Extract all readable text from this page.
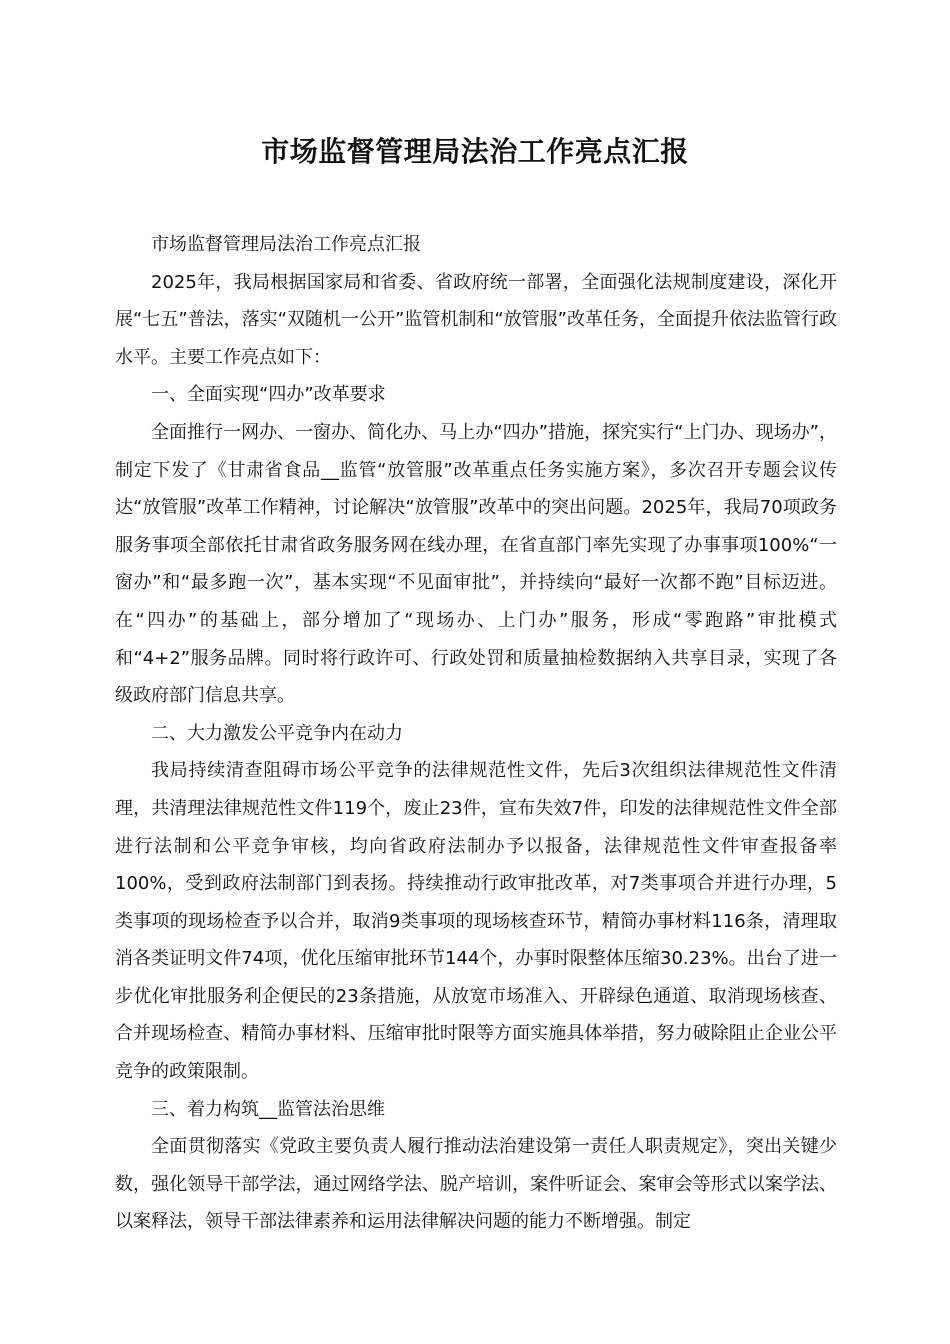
市场监督管理局法治工作亮点汇报

市场监督管理局法治工作亮点汇报

2025年，我局根据国家局和省委、省政府统一部署，全面强化法规制度建设，深化开展“七五”普法，落实“双随机一公开”监管机制和“放管服”改革任务，全面提升依法监管行政水平。主要工作亮点如下：

一、全面实现“四办”改革要求

全面推行一网办、一窗办、简化办、马上办“四办”措施，探究实行“上门办、现场办”，制定下发了《甘肃省食品__监管“放管服”改革重点任务实施方案》，多次召开专题会议传达“放管服”改革工作精神，讨论解决“放管服”改革中的突出问题。2025年，我局70项政务服务事项全部依托甘肃省政务服务网在线办理，在省直部门率先实现了办事事项100%“一窗办”和“最多跑一次”，基本实现“不见面审批”，并持续向“最好一次都不跑”目标迈进。在“四办”的基础上，部分增加了“现场办、上门办”服务，形成“零跑路”审批模式和“4+2”服务品牌。同时将行政许可、行政处罚和质量抽检数据纳入共享目录，实现了各级政府部门信息共享。

二、大力激发公平竞争内在动力

我局持续清查阻碍市场公平竞争的法律规范性文件，先后3次组织法律规范性文件清理，共清理法律规范性文件119个，废止23件，宣布失效7件，印发的法律规范性文件全部进行法制和公平竞争审核，均向省政府法制办予以报备，法律规范性文件审查报备率100%，受到政府法制部门到表扬。持续推动行政审批改革，对7类事项合并进行办理，5类事项的现场检查予以合并，取消9类事项的现场核查环节，精简办事材料116条，清理取消各类证明文件74项，优化压缩审批环节144个，办事时限整体压缩30.23%。出台了进一步优化审批服务利企便民的23条措施，从放宽市场准入、开辟绿色通道、取消现场核查、合并现场检查、精简办事材料、压缩审批时限等方面实施具体举措，努力破除阻止企业公平竞争的政策限制。

三、着力构筑__监管法治思维

全面贯彻落实《党政主要负责人履行推动法治建设第一责任人职责规定》，突出关键少数，强化领导干部学法，通过网络学法、脱产培训，案件听证会、案审会等形式以案学法、以案释法，领导干部法律素养和运用法律解决问题的能力不断增强。制定
